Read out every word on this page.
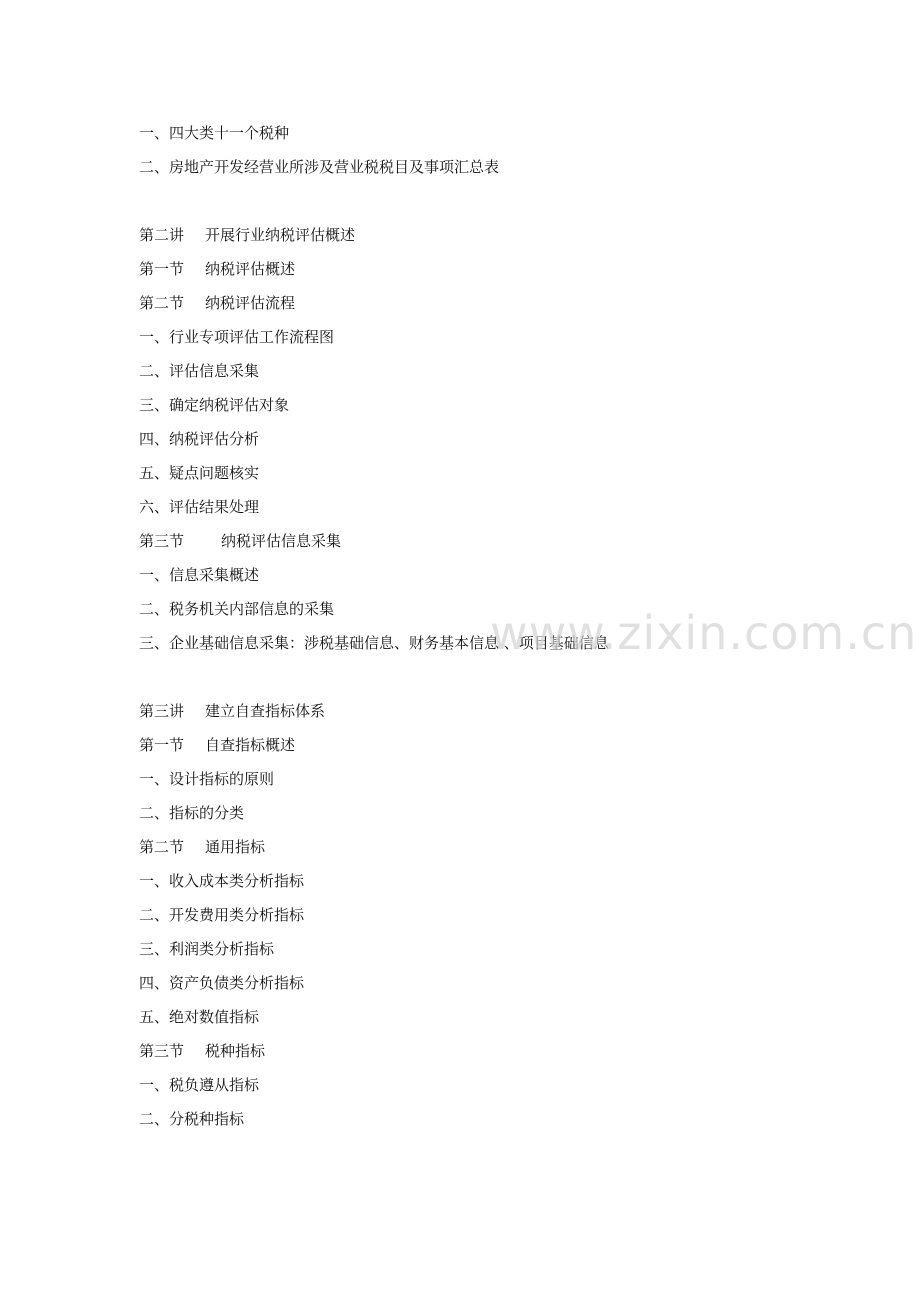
一、 四大类十一个税种
二、 房地产开发经营业所涉及营业税税目及事项汇总表
第二讲	开展行业纳税评估概述
第一节	纳税评估概述
第二节	纳税评估流程
一、 行业专项评估工作流程图
二、 评估信息采集
三、 确定纳税评估对象
四、 纳税评估分析
五、 疑点问题核实
六、 评估结果处理
第三节	纳税评估信息采集
一、 信息采集概述
二、 税务机关内部信息的采集
三、 企业基础信息采集：涉税基础信息、财务基本信息 、项目基础信息
第三讲	建立自查指标体系
第一节	自查指标概述
一、 设计指标的原则
二、 指标的分类
第二节	通用指标
一、 收入成本类分析指标
二、 开发费用类分析指标
三、 利润类分析指标
四、 资产负债类分析指标
五、 绝对数值指标
第三节	税种指标
一、 税负遵从指标
二、 分税种指标
www.zixin.com.cn
